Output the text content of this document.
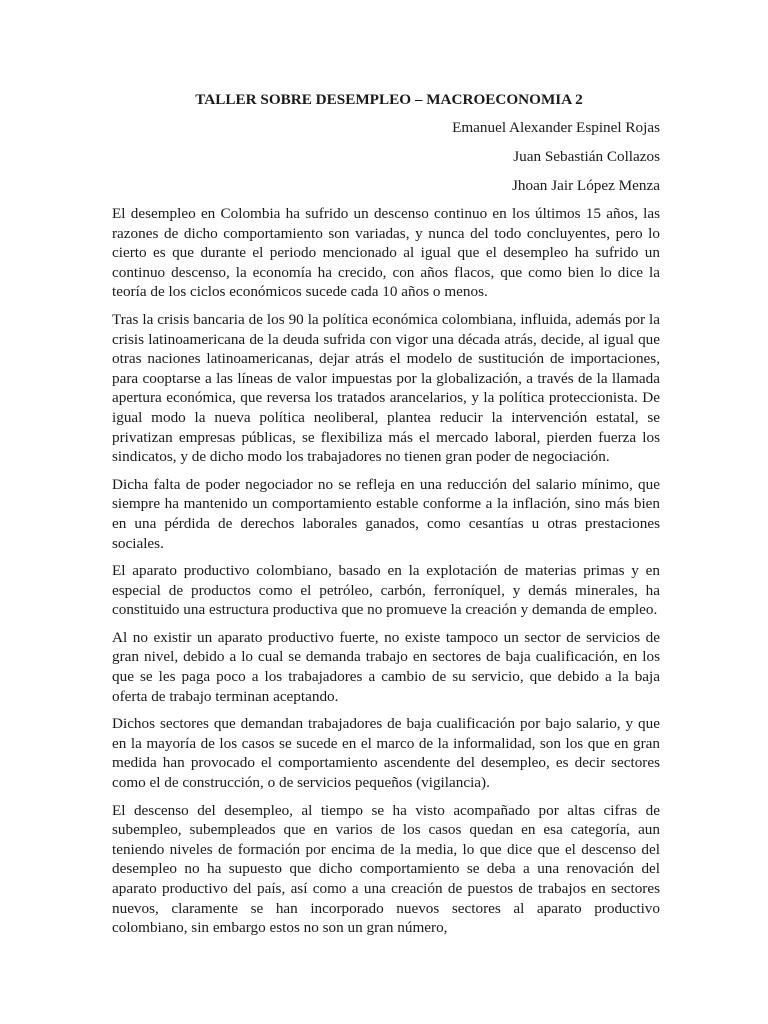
TALLER SOBRE DESEMPLEO – MACROECONOMIA 2
Emanuel Alexander Espinel Rojas
Juan Sebastián Collazos
Jhoan Jair López Menza

El desempleo en Colombia ha sufrido un descenso continuo en los últimos 15 años, las razones de dicho comportamiento son variadas, y nunca del todo concluyentes, pero lo cierto es que durante el periodo mencionado al igual que el desempleo ha sufrido un continuo descenso, la economía ha crecido, con años flacos, que como bien lo dice la teoría de los ciclos económicos sucede cada 10 años o menos.

Tras la crisis bancaria de los 90 la política económica colombiana, influida, además por la crisis latinoamericana de la deuda sufrida con vigor una década atrás, decide, al igual que otras naciones latinoamericanas, dejar atrás el modelo de sustitución de importaciones, para cooptarse a las líneas de valor impuestas por la globalización, a través de la llamada apertura económica, que reversa los tratados arancelarios, y la política proteccionista. De igual modo la nueva política neoliberal, plantea reducir la intervención estatal, se privatizan empresas públicas, se flexibiliza más el mercado laboral, pierden fuerza los sindicatos, y de dicho modo los trabajadores no tienen gran poder de negociación.

Dicha falta de poder negociador no se refleja en una reducción del salario mínimo, que siempre ha mantenido un comportamiento estable conforme a la inflación, sino más bien en una pérdida de derechos laborales ganados, como cesantías u otras prestaciones sociales.

El aparato productivo colombiano, basado en la explotación de materias primas y en especial de productos como el petróleo, carbón, ferroníquel, y demás minerales, ha constituido una estructura productiva que no promueve la creación y demanda de empleo.

Al no existir un aparato productivo fuerte, no existe tampoco un sector de servicios de gran nivel, debido a lo cual se demanda trabajo en sectores de baja cualificación, en los que se les paga poco a los trabajadores a cambio de su servicio, que debido a la baja oferta de trabajo terminan aceptando.

Dichos sectores que demandan trabajadores de baja cualificación por bajo salario, y que en la mayoría de los casos se sucede en el marco de la informalidad, son los que en gran medida han provocado el comportamiento ascendente del desempleo, es decir sectores como el de construcción, o de servicios pequeños (vigilancia).

El descenso del desempleo, al tiempo se ha visto acompañado por altas cifras de subempleo, subempleados que en varios de los casos quedan en esa categoría, aun teniendo niveles de formación por encima de la media, lo que dice que el descenso del desempleo no ha supuesto que dicho comportamiento se deba a una renovación del aparato productivo del país, así como a una creación de puestos de trabajos en sectores nuevos, claramente se han incorporado nuevos sectores al aparato productivo colombiano, sin embargo estos no son un gran número,
